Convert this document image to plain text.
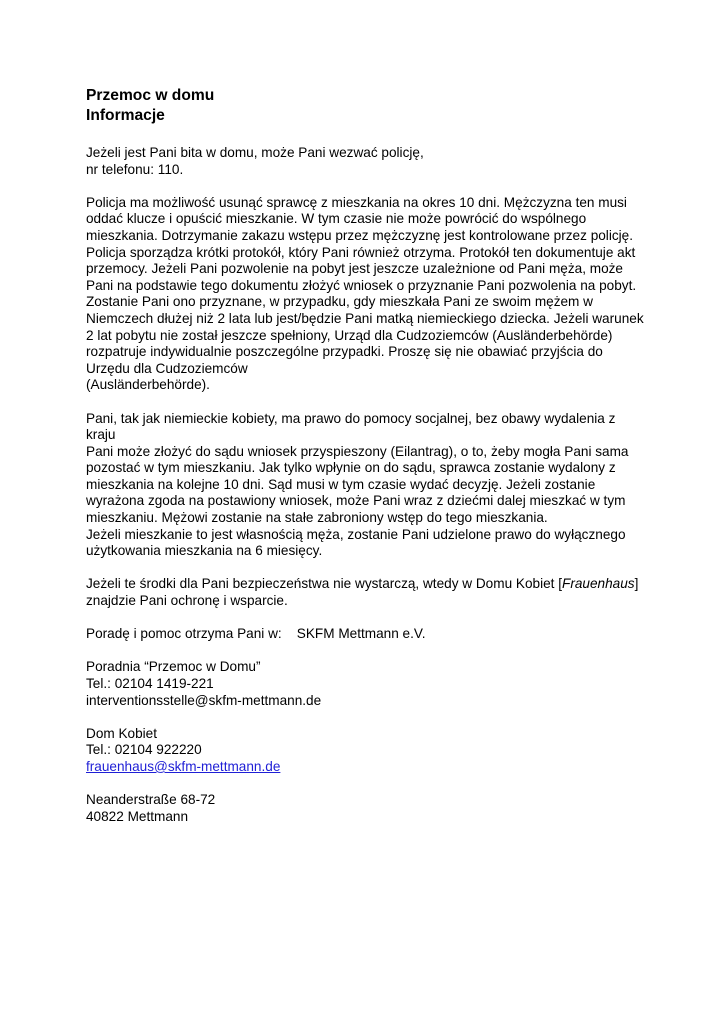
Przemoc w domu
Informacje

Jeżeli jest Pani bita w domu, może Pani wezwać policję,
nr telefonu: 110.

Policja ma możliwość usunąć sprawcę z mieszkania na okres 10 dni. Mężczyzna ten musi
oddać klucze i opuścić mieszkanie. W tym czasie nie może powrócić do wspólnego
mieszkania. Dotrzymanie zakazu wstępu przez mężczyznę jest kontrolowane przez policję.
Policja sporządza krótki protokół, który Pani również otrzyma. Protokół ten dokumentuje akt
przemocy. Jeżeli Pani pozwolenie na pobyt jest jeszcze uzależnione od Pani męża, może
Pani na podstawie tego dokumentu złożyć wniosek o przyznanie Pani pozwolenia na pobyt.
Zostanie Pani ono przyznane, w przypadku, gdy mieszkała Pani ze swoim mężem w
Niemczech dłużej niż 2 lata lub jest/będzie Pani matką niemieckiego dziecka. Jeżeli warunek
2 lat pobytu nie został jeszcze spełniony, Urząd dla Cudzoziemców (Ausländerbehörde)
rozpatruje indywidualnie poszczególne przypadki. Proszę się nie obawiać przyjścia do
Urzędu dla Cudzoziemców
(Ausländerbehörde).

Pani, tak jak niemieckie kobiety, ma prawo do pomocy socjalnej, bez obawy wydalenia z
kraju
Pani może złożyć do sądu wniosek przyspieszony (Eilantrag), o to, żeby mogła Pani sama
pozostać w tym mieszkaniu. Jak tylko wpłynie on do sądu, sprawca zostanie wydalony z
mieszkania na kolejne 10 dni. Sąd musi w tym czasie wydać decyzję. Jeżeli zostanie
wyrażona zgoda na postawiony wniosek, może Pani wraz z dziećmi dalej mieszkać w tym
mieszkaniu. Mężowi zostanie na stałe zabroniony wstęp do tego mieszkania.
Jeżeli mieszkanie to jest własnością męża, zostanie Pani udzielone prawo do wyłącznego
użytkowania mieszkania na 6 miesięcy.

Jeżeli te środki dla Pani bezpieczeństwa nie wystarczą, wtedy w Domu Kobiet [Frauenhaus]
znajdzie Pani ochronę i wsparcie.

Poradę i pomoc otrzyma Pani w: SKFM Mettmann e.V.

Poradnia “Przemoc w Domu”
Tel.: 02104 1419-221
interventionsstelle@skfm-mettmann.de

Dom Kobiet
Tel.: 02104 922220
frauenhaus@skfm-mettmann.de

Neanderstraße 68-72
40822 Mettmann
